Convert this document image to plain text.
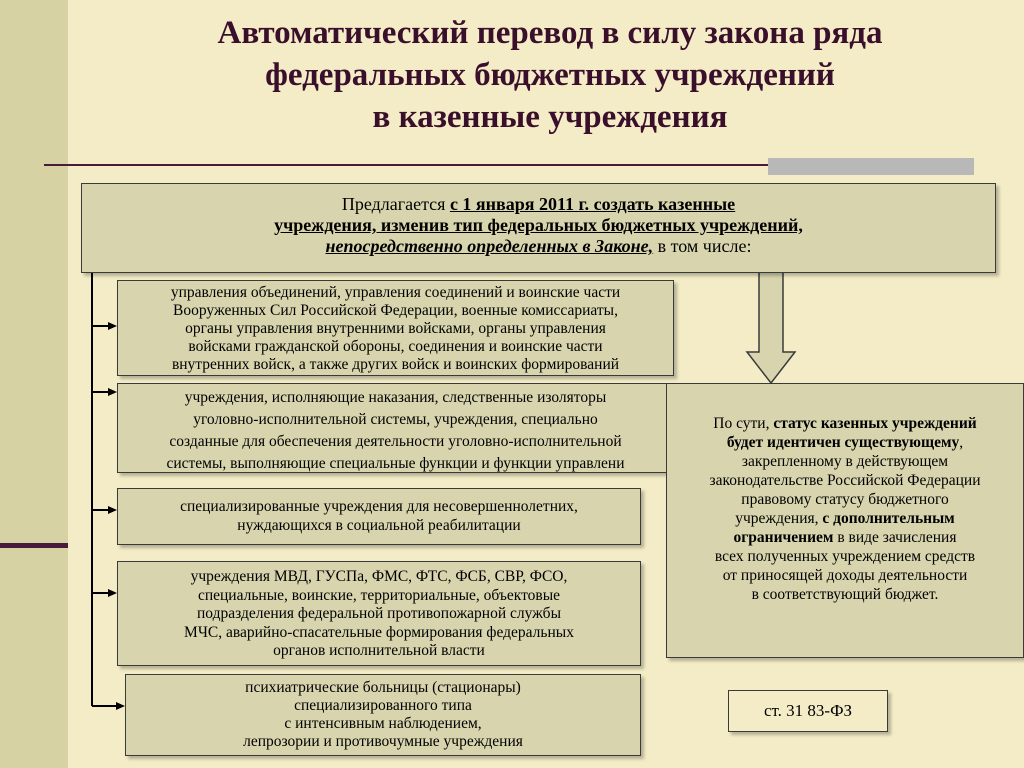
Автоматический перевод в силу закона ряда
федеральных бюджетных учреждений
в казенные учреждения
Предлагается с 1 января 2011 г. создать казенные
учреждения, изменив тип федеральных бюджетных учреждений,
непосредственно определенных в Законе, в том числе:

управления объединений, управления соединений и воинские части

Вооруженных Сил Российской Федерации, военные комиссариаты,

органы управления внутренними войсками, органы управления

войсками гражданской обороны, соединения и воинские части

внутренних войск, а также других войск и воинских формирований

учреждения, исполняющие наказания, следственные изоляторы

уголовно-исполнительной системы, учреждения, специально

созданные для обеспечения деятельности уголовно-исполнительной

системы, выполняющие специальные функции и функции управлени

специализированные учреждения для несовершеннолетних,

нуждающихся в социальной реабилитации

учреждения МВД, ГУСПа, ФМС, ФТС, ФСБ, СВР, ФСО,

специальные, воинские, территориальные, объектовые

подразделения федеральной противопожарной службы

МЧС, аварийно-спасательные формирования федеральных

органов исполнительной власти

психиатрические больницы (стационары)

специализированного типа

с интенсивным наблюдением,

лепрозории и противочумные учреждения

По сути, статус казенных учреждений
будет идентичен существующему,
закрепленному в действующем
законодательстве Российской Федерации
правовому статусу бюджетного
учреждения, с дополнительным
ограничением в виде зачисления
всех полученных учреждением средств
от приносящей доходы деятельности
в соответствующий бюджет.
ст. 31 83-ФЗ
